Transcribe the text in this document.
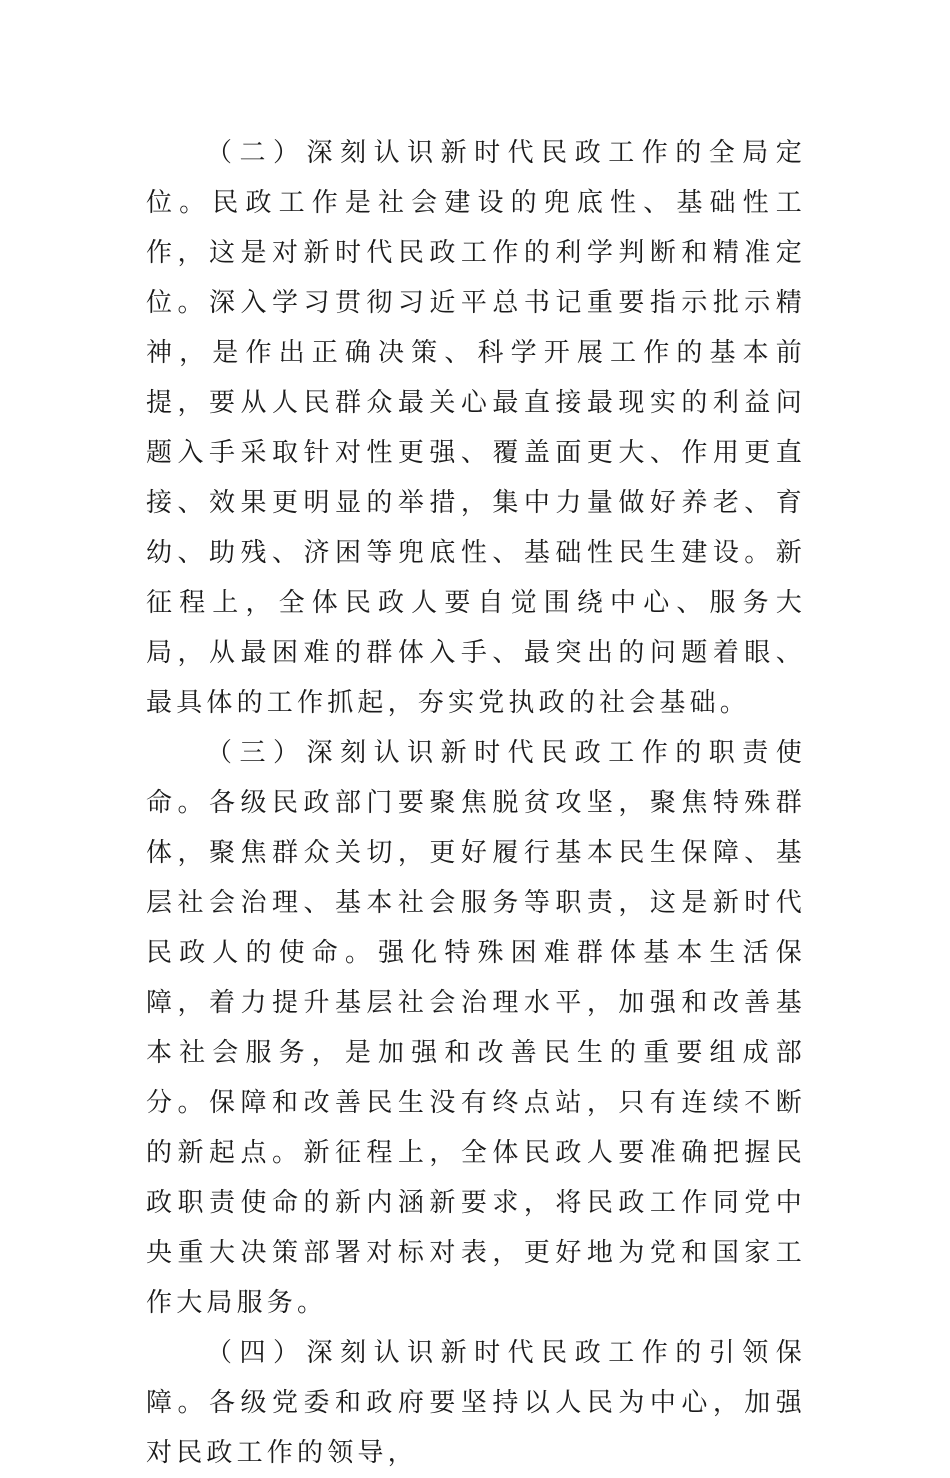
（二）深刻认识新时代民政工作的全局定位。民政工作是社会建设的兜底性、基础性工作，这是对新时代民政工作的利学判断和精准定位。深入学习贯彻习近平总书记重要指示批示精神，是作出正确决策、科学开展工作的基本前提，要从人民群众最关心最直接最现实的利益问题入手采取针对性更强、覆盖面更大、作用更直接、效果更明显的举措，集中力量做好养老、育幼、助残、济困等兜底性、基础性民生建设。新征程上，全体民政人要自觉围绕中心、服务大局，从最困难的群体入手、最突出的问题着眼、最具体的工作抓起，夯实党执政的社会基础。

（三）深刻认识新时代民政工作的职责使命。各级民政部门要聚焦脱贫攻坚，聚焦特殊群体，聚焦群众关切，更好履行基本民生保障、基层社会治理、基本社会服务等职责，这是新时代民政人的使命。强化特殊困难群体基本生活保障，着力提升基层社会治理水平，加强和改善基本社会服务，是加强和改善民生的重要组成部分。保障和改善民生没有终点站，只有连续不断的新起点。新征程上，全体民政人要准确把握民政职责使命的新内涵新要求，将民政工作同党中央重大决策部署对标对表，更好地为党和国家工作大局服务。

（四）深刻认识新时代民政工作的引领保障。各级党委和政府要坚持以人民为中心，加强对民政工作的领导，
